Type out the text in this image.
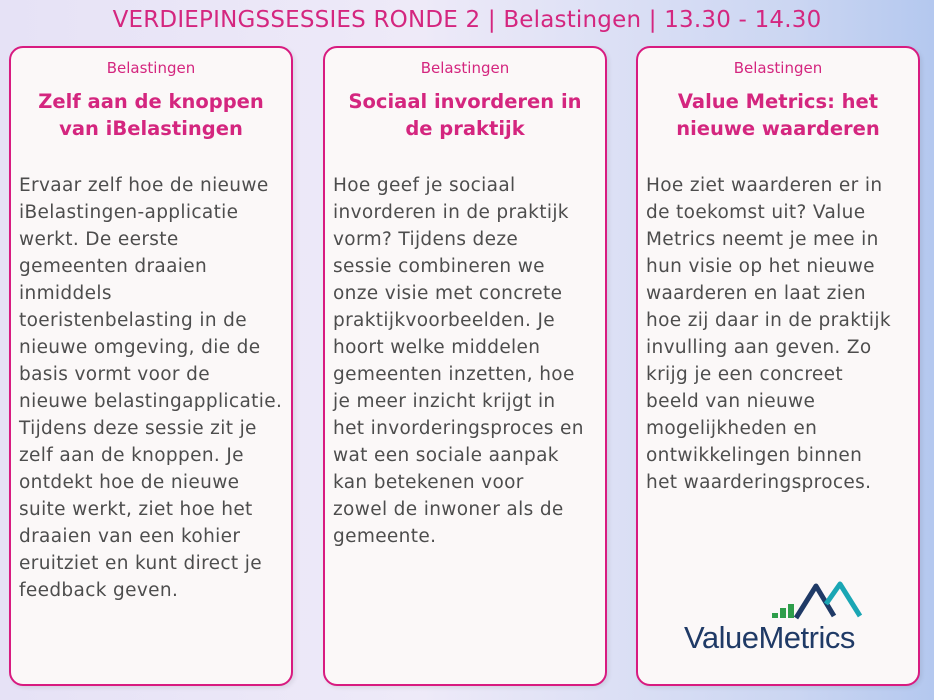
VERDIEPINGSSESSIES RONDE 2 | Belastingen | 13.30 - 14.30
Belastingen
Zelf aan de knoppen
van iBelastingen
Ervaar zelf hoe de nieuwe
iBelastingen-applicatie
werkt. De eerste
gemeenten draaien
inmiddels
toeristenbelasting in de
nieuwe omgeving, die de
basis vormt voor de
nieuwe belastingapplicatie.
Tijdens deze sessie zit je
zelf aan de knoppen. Je
ontdekt hoe de nieuwe
suite werkt, ziet hoe het
draaien van een kohier
eruitziet en kunt direct je
feedback geven.
Belastingen
Sociaal invorderen in
de praktijk
Hoe geef je sociaal
invorderen in de praktijk
vorm? Tijdens deze
sessie combineren we
onze visie met concrete
praktijkvoorbeelden. Je
hoort welke middelen
gemeenten inzetten, hoe
je meer inzicht krijgt in
het invorderingsproces en
wat een sociale aanpak
kan betekenen voor
zowel de inwoner als de
gemeente.
Belastingen
Value Metrics: het
nieuwe waarderen
Hoe ziet waarderen er in
de toekomst uit? Value
Metrics neemt je mee in
hun visie op het nieuwe
waarderen en laat zien
hoe zij daar in de praktijk
invulling aan geven. Zo
krijg je een concreet
beeld van nieuwe
mogelijkheden en
ontwikkelingen binnen
het waarderingsproces.
ValueMetrics
